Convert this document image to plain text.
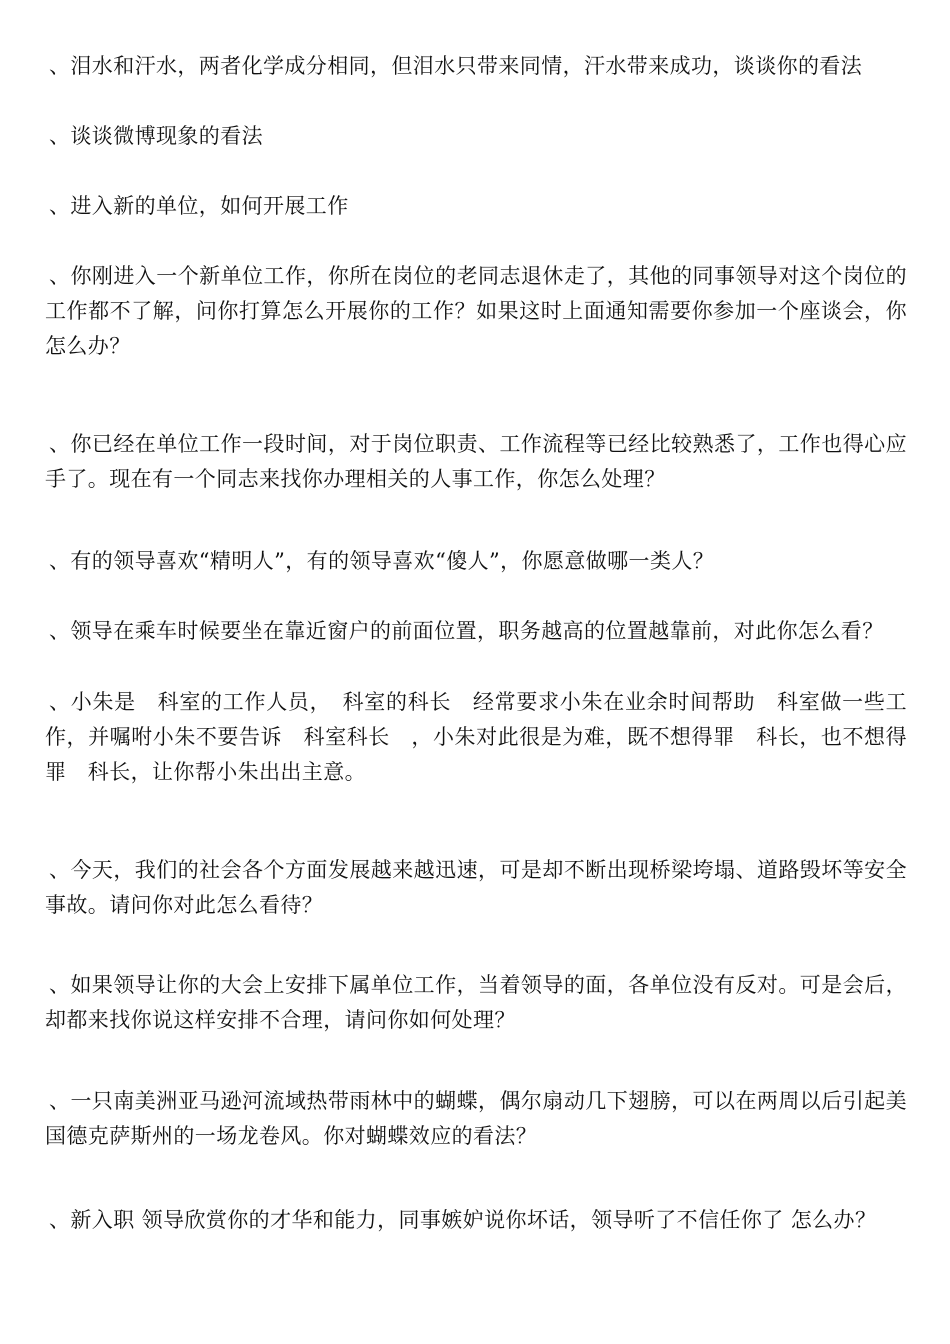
、泪水和汗水，两者化学成分相同，但泪水只带来同情，汗水带来成功，谈谈你的看法

、谈谈微博现象的看法

、进入新的单位，如何开展工作

、你刚进入一个新单位工作，你所在岗位的老同志退休走了，其他的同事领导对这个岗位的工作都不了解，问你打算怎么开展你的工作？如果这时上面通知需要你参加一个座谈会，你怎么办？

、你已经在单位工作一段时间，对于岗位职责、工作流程等已经比较熟悉了，工作也得心应手了。现在有一个同志来找你办理相关的人事工作，你怎么处理？

、有的领导喜欢“精明人”，有的领导喜欢“傻人”，你愿意做哪一类人？

、领导在乘车时候要坐在靠近窗户的前面位置，职务越高的位置越靠前，对此你怎么看？

、小朱是　科室的工作人员，　科室的科长　经常要求小朱在业余时间帮助　科室做一些工作，并嘱咐小朱不要告诉　科室科长　，小朱对此很是为难，既不想得罪　科长，也不想得罪　科长，让你帮小朱出出主意。

、今天，我们的社会各个方面发展越来越迅速，可是却不断出现桥梁垮塌、道路毁坏等安全事故。请问你对此怎么看待？

、如果领导让你的大会上安排下属单位工作，当着领导的面，各单位没有反对。可是会后，却都来找你说这样安排不合理，请问你如何处理？

、一只南美洲亚马逊河流域热带雨林中的蝴蝶，偶尔扇动几下翅膀，可以在两周以后引起美国德克萨斯州的一场龙卷风。你对蝴蝶效应的看法？

、新入职 领导欣赏你的才华和能力，同事嫉妒说你坏话，领导听了不信任你了 怎么办？
